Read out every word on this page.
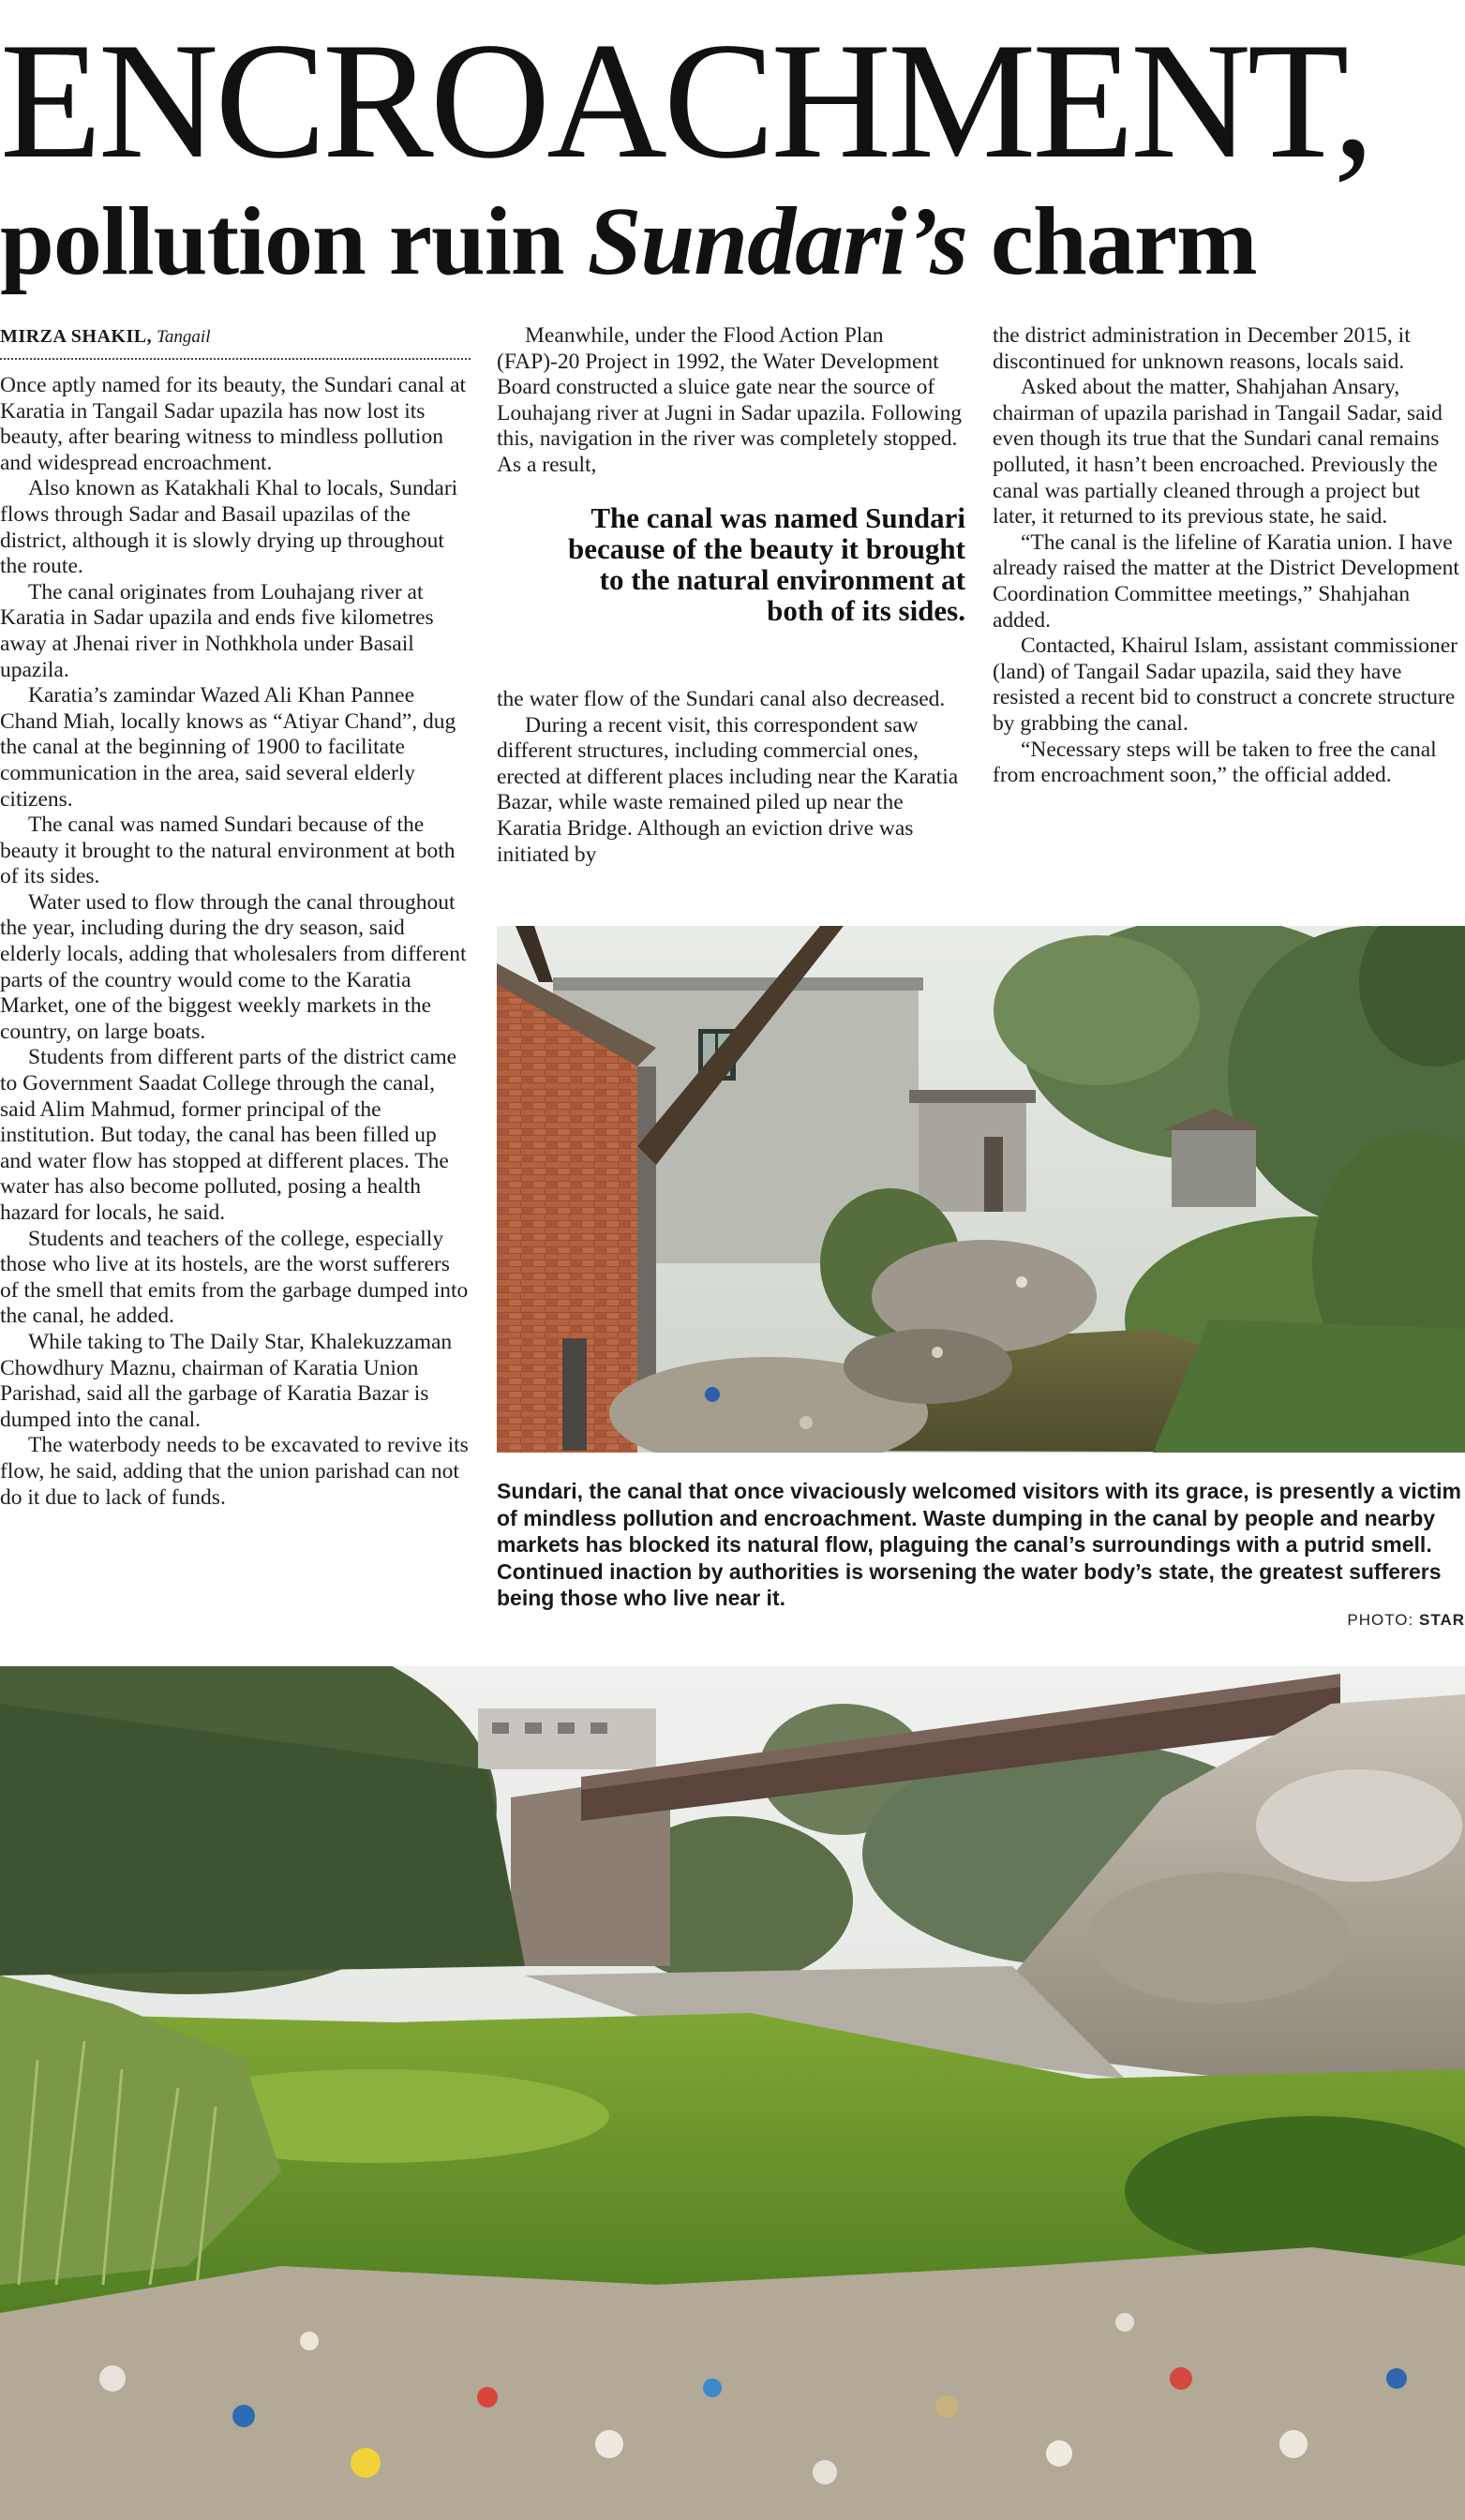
ENCROACHMENT,
pollution ruin Sundari’s charm
MIRZA SHAKIL, Tangail

Once aptly named for its beauty, the Sundari canal at Karatia in Tangail Sadar upazila has now lost its beauty, after bearing witness to mindless pollution and widespread encroachment.

Also known as Katakhali Khal to locals, Sundari flows through Sadar and Basail upazilas of the district, although it is slowly drying up throughout the route.

The canal originates from Louhajang river at Karatia in Sadar upazila and ends five kilometres away at Jhenai river in Nothkhola under Basail upazila.

Karatia’s zamindar Wazed Ali Khan Pannee Chand Miah, locally knows as “Atiyar Chand”, dug the canal at the beginning of 1900 to facilitate communication in the area, said several elderly citizens.

The canal was named Sundari because of the beauty it brought to the natural environment at both of its sides.

Water used to flow through the canal throughout the year, including during the dry season, said elderly locals, adding that wholesalers from different parts of the country would come to the Karatia Market, one of the biggest weekly markets in the country, on large boats.

Students from different parts of the district came to Government Saadat College through the canal, said Alim Mahmud, former principal of the institution. But today, the canal has been filled up and water flow has stopped at different places. The water has also become polluted, posing a health hazard for locals, he said.

Students and teachers of the college, especially those who live at its hostels, are the worst sufferers of the smell that emits from the garbage dumped into the canal, he added.

While taking to The Daily Star, Khalekuzzaman Chowdhury Maznu, chairman of Karatia Union Parishad, said all the garbage of Karatia Bazar is dumped into the canal.

The waterbody needs to be excavated to revive its flow, he said, adding that the union parishad can not do it due to lack of funds.

Meanwhile, under the Flood Action Plan (FAP)-20 Project in 1992, the Water Development Board constructed a sluice gate near the source of Louhajang river at Jugni in Sadar upazila. Following this, navigation in the river was completely stopped. As a result,

The canal was named Sundari because of the beauty it brought to the natural environment at both of its sides.

the water flow of the Sundari canal also decreased.

During a recent visit, this correspondent saw different structures, including commercial ones, erected at different places including near the Karatia Bazar, while waste remained piled up near the Karatia Bridge. Although an eviction drive was initiated by

the district administration in December 2015, it discontinued for unknown reasons, locals said.

Asked about the matter, Shahjahan Ansary, chairman of upazila parishad in Tangail Sadar, said even though its true that the Sundari canal remains polluted, it hasn’t been encroached. Previously the canal was partially cleaned through a project but later, it returned to its previous state, he said.

“The canal is the lifeline of Karatia union. I have already raised the matter at the District Development Coordination Committee meetings,” Shahjahan added.

Contacted, Khairul Islam, assistant commissioner (land) of Tangail Sadar upazila, said they have resisted a recent bid to construct a concrete structure by grabbing the canal.

“Necessary steps will be taken to free the canal from encroachment soon,” the official added.

Sundari, the canal that once vivaciously welcomed visitors with its grace, is presently a victim of mindless pollution and encroachment. Waste dumping in the canal by people and nearby markets has blocked its natural flow, plaguing the canal’s surroundings with a putrid smell. Continued inaction by authorities is worsening the water body’s state, the greatest sufferers being those who live near it.
PHOTO: STAR
